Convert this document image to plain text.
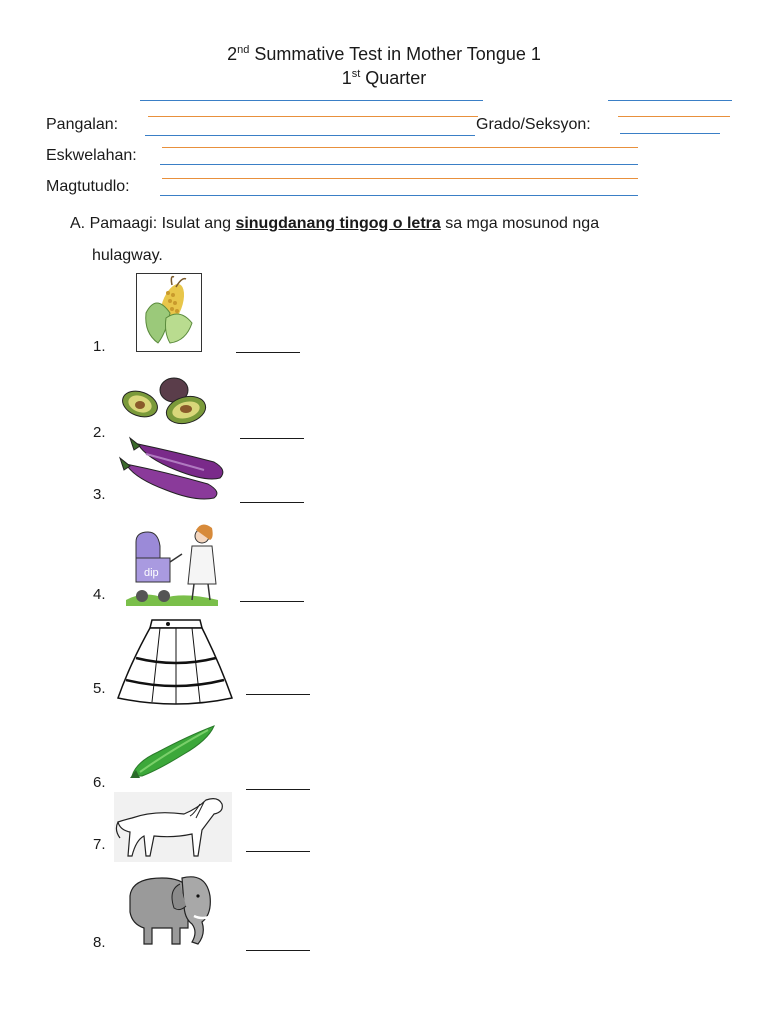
2nd Summative Test in Mother Tongue 1
1st Quarter
Pangalan:	Grado/Seksyon:
Eskwelahan:
Magtutudlo:
A. Pamaagi: Isulat ang sinugdanang tingog o letra sa mga mosunod nga
hulagway.
1.
2.
3.
4.
dip
5.
6.
7.
8.
